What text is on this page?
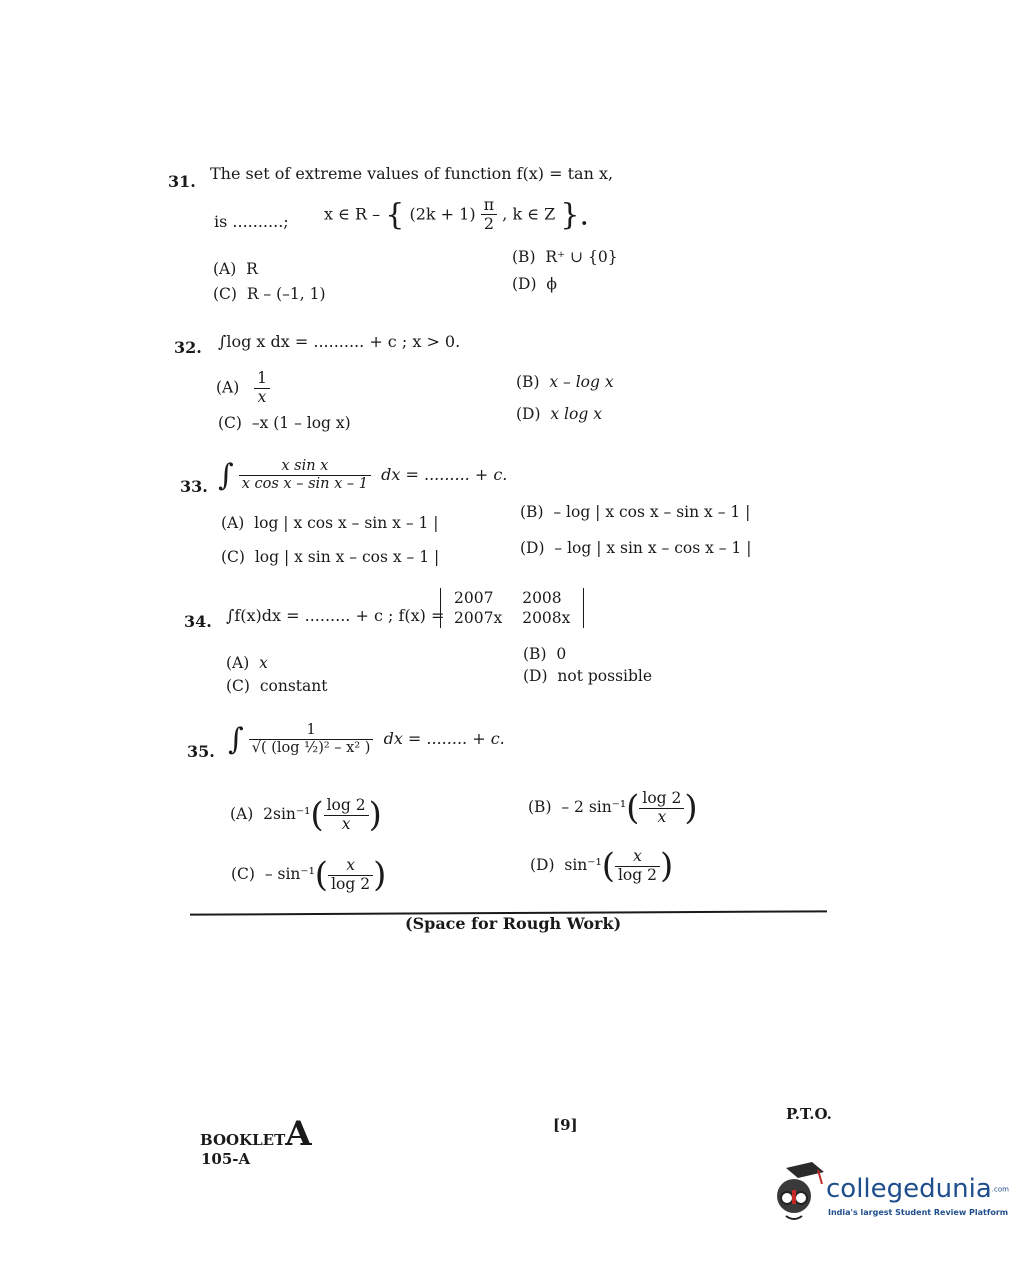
31. The set of extreme values of function f(x) = tan x,
is ..........; x ∈ R – { $(2k + 1) \frac{\pi}{2}$ , k ∈ Z }.
(A) R
(B) R⁺ ∪ {0}
(C) R – (–1, 1)
(D) ϕ
32. ∫log x dx = .......... + c ; x > 0.
$(A) \frac{1}{x}$	(B) x – log x
(C) –x (1 – log x)	(D) x log x
33. ∫ $\frac{\text{x sin x}}{\text{x cos x – sin x – 1}}$ dx = ......... + c.
(A) log | x cos x – sin x – 1 |
(B) – log | x cos x – sin x – 1 |
(C) log | x sin x – cos x – 1 |	(D) – log | x sin x – cos x – 1 |
34. ∫f(x)dx = ......... + c ; f(x) =
2007	2008
2007x	2008x
(A) x	(B) 0
(C) constant
(D) not possible
35. ∫ $\frac{1}{\text{√( (log ½)² – x² )}}$ dx = ........ + c.
(A) $2\sin^{-1}( \frac{\log 2}{x}$ )	(B) – 2 $\sin^{-1}( \frac{\log 2}{x}$ )
$(C) - \sin^{-1}( \frac{x}{\log 2}$ )	(D) $\sin^{-1}( \frac{x}{\log 2}$ )
(Space for Rough Work)
BOOKLETA
105-A
[9]
P.T.O.
collegedunia.com
India's largest Student Review Platform
